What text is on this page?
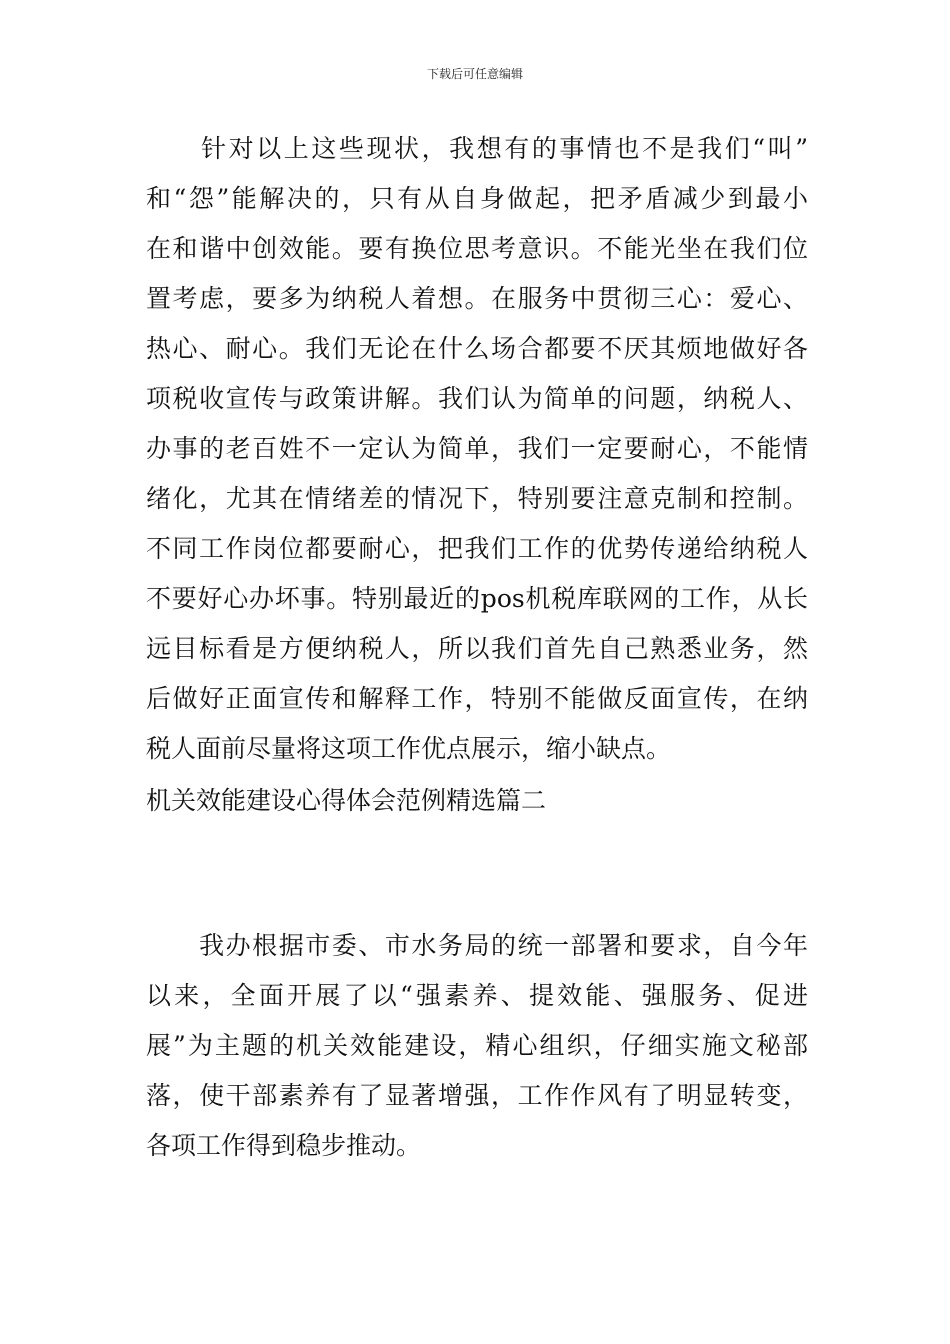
下载后可任意编辑
　　针对以上这些现状，我想有的事情也不是我们“叫”
和“怨”能解决的，只有从自身做起，把矛盾减少到最小
在和谐中创效能。要有换位思考意识。不能光坐在我们位
置考虑，要多为纳税人着想。在服务中贯彻三心：爱心、
热心、耐心。我们无论在什么场合都要不厌其烦地做好各
项税收宣传与政策讲解。我们认为简单的问题，纳税人、
办事的老百姓不一定认为简单，我们一定要耐心，不能情
绪化，尤其在情绪差的情况下，特别要注意克制和控制。
不同工作岗位都要耐心，把我们工作的优势传递给纳税人
不要好心办坏事。特别最近的pos机税库联网的工作，从长
远目标看是方便纳税人，所以我们首先自己熟悉业务，然
后做好正面宣传和解释工作，特别不能做反面宣传，在纳
税人面前尽量将这项工作优点展示，缩小缺点。
机关效能建设心得体会范例精选篇二
　　我办根据市委、市水务局的统一部署和要求，自今年
以来，全面开展了以“强素养、提效能、强服务、促进
展”为主题的机关效能建设，精心组织，仔细实施文秘部
落，使干部素养有了显著增强，工作作风有了明显转变，
各项工作得到稳步推动。
